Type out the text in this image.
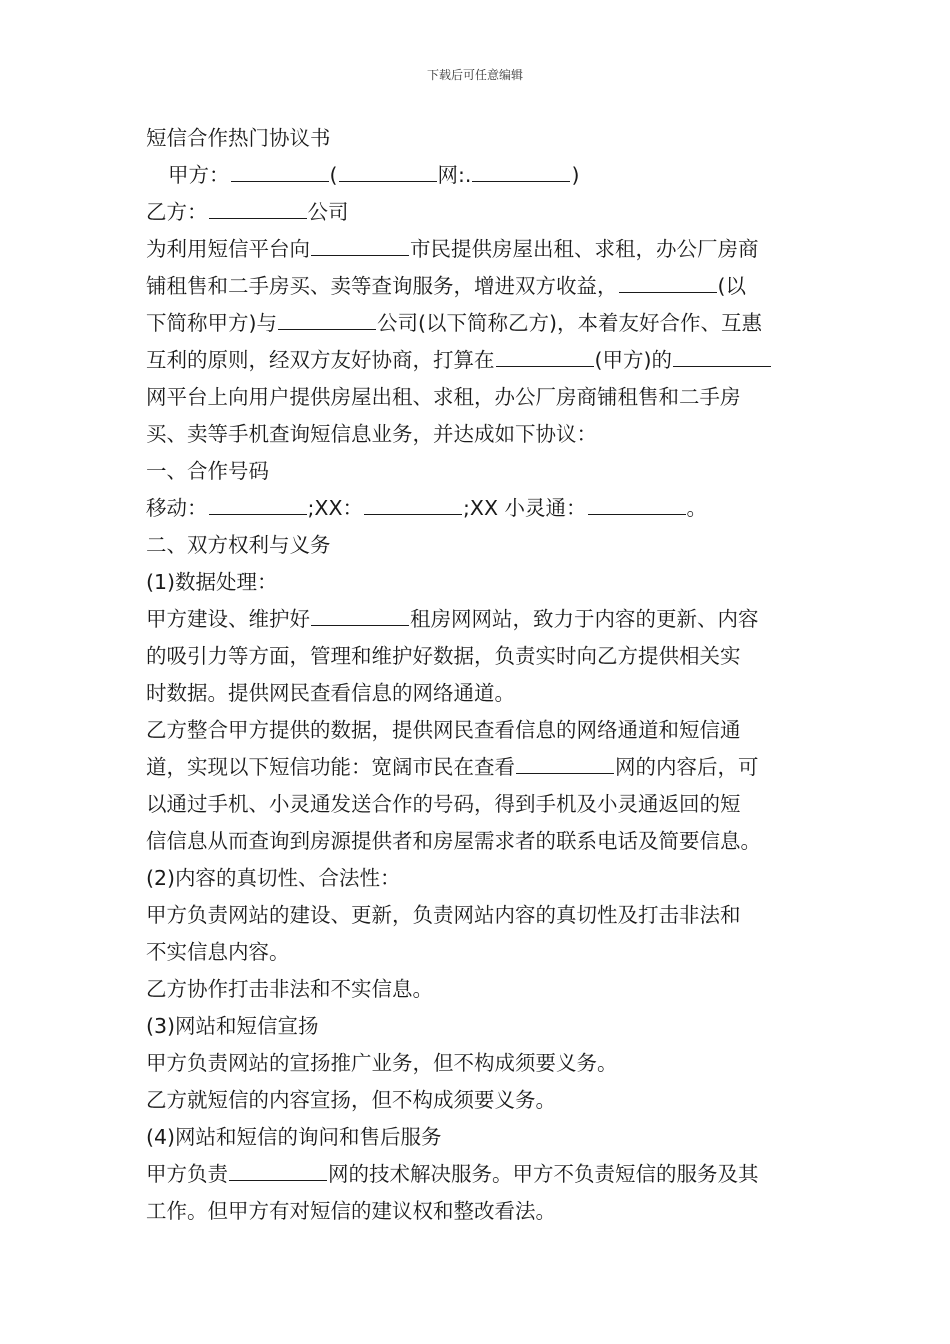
下载后可任意编辑
短信合作热门协议书
甲方：	(	网:.	)
乙方：	公司
为利用短信平台向	市民提供房屋出租、求租，办公厂房商
铺租售和二手房买、卖等查询服务，增进双方收益，	(以
下简称甲方)与	公司(以下简称乙方)，本着友好合作、互惠
互利的原则，经双方友好协商，打算在	(甲方)的
网平台上向用户提供房屋出租、求租，办公厂房商铺租售和二手房
买、卖等手机查询短信息业务，并达成如下协议：
一、合作号码
移动：	;XX：	;XX 小灵通：	。
二、双方权利与义务
(1)数据处理：
甲方建设、维护好	租房网网站，致力于内容的更新、内容
的吸引力等方面，管理和维护好数据，负责实时向乙方提供相关实
时数据。提供网民查看信息的网络通道。
乙方整合甲方提供的数据，提供网民查看信息的网络通道和短信通
道，实现以下短信功能：宽阔市民在查看	网的内容后，可
以通过手机、小灵通发送合作的号码，得到手机及小灵通返回的短
信信息从而查询到房源提供者和房屋需求者的联系电话及简要信息。
(2)内容的真切性、合法性：
甲方负责网站的建设、更新，负责网站内容的真切性及打击非法和
不实信息内容。
乙方协作打击非法和不实信息。
(3)网站和短信宣扬
甲方负责网站的宣扬推广业务，但不构成须要义务。
乙方就短信的内容宣扬，但不构成须要义务。
(4)网站和短信的询问和售后服务
甲方负责	网的技术解决服务。甲方不负责短信的服务及其
工作。但甲方有对短信的建议权和整改看法。
